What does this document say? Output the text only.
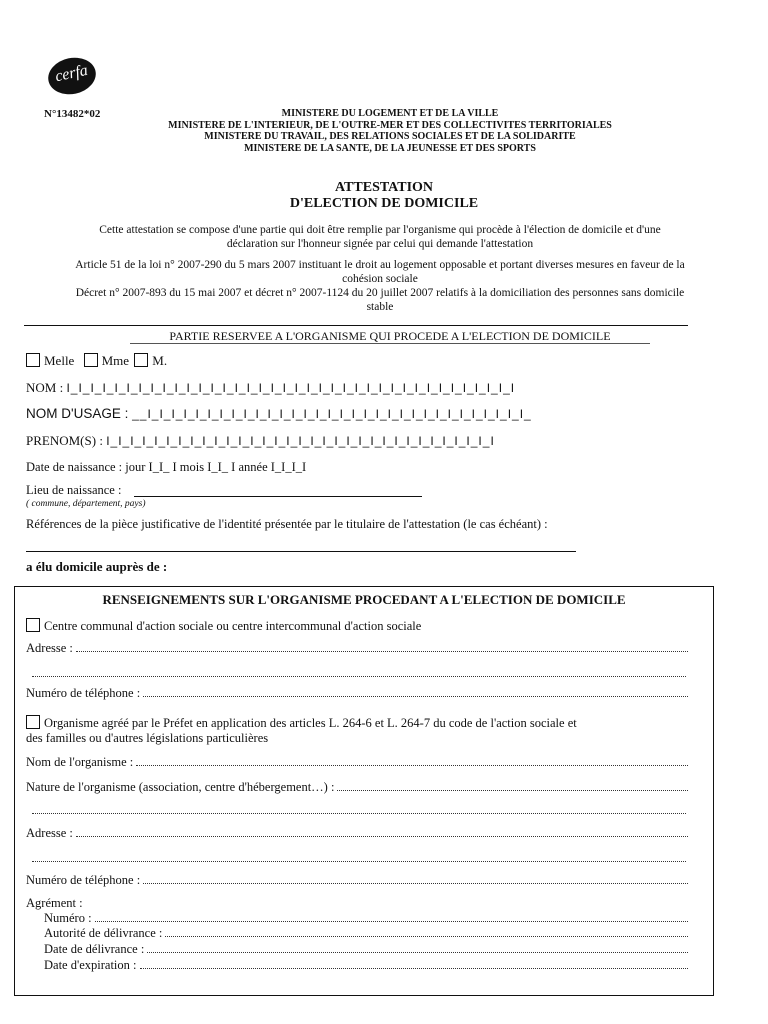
cerfa
N°13482*02	MINISTERE DU LOGEMENT ET DE LA VILLE
MINISTERE DE L'INTERIEUR, DE L'OUTRE-MER ET DES COLLECTIVITES TERRITORIALES
MINISTERE DU TRAVAIL, DES RELATIONS SOCIALES ET DE LA SOLIDARITE
MINISTERE DE LA SANTE, DE LA JEUNESSE ET DES SPORTS
ATTESTATION
D'ELECTION DE DOMICILE
Cette attestation se compose d'une partie qui doit être remplie par l'organisme qui procède à l'élection de domicile et d'une
déclaration sur l'honneur signée par celui qui demande l'attestation
Article 51 de la loi n° 2007-290 du 5 mars 2007 instituant le droit au logement opposable et portant diverses mesures en faveur de la
cohésion sociale
Décret n° 2007-893 du 15 mai 2007 et décret n° 2007-1124 du 20 juillet 2007 relatifs à la domiciliation des personnes sans domicile
stable
PARTIE RESERVEE A L'ORGANISME QUI PROCEDE A L'ELECTION DE DOMICILE
Melle Mme M.
NOM : I_I_I_I_I_I_I_I_I_I_I_I_I_I_I_I_I_I_I_I_I_I_I_I_I_I_I_I_I_I_I_I_I_I_I_I_I_I
NOM D'USAGE : __I_I_I_I_I_I_I_I_I_I_I_I_I_I_I_I_I_I_I_I_I_I_I_I_I_I_I_I_I_I_I_I_
PRENOM(S) : I_I_I_I_I_I_I_I_I_I_I_I_I_I_I_I_I_I_I_I_I_I_I_I_I_I_I_I_I_I_I_I_I
Date de naissance : jour I_I_ I mois I_I_ I année I_I_I_I
Lieu de naissance :
( commune, département, pays)
Références de la pièce justificative de l'identité présentée par le titulaire de l'attestation (le cas échéant) :
a élu domicile auprès de :
RENSEIGNEMENTS SUR L'ORGANISME PROCEDANT A L'ELECTION DE DOMICILE
Centre communal d'action sociale ou centre intercommunal d'action sociale
Adresse :
Numéro de téléphone :
Organisme agréé par le Préfet en application des articles L. 264-6 et L. 264-7 du code de l'action sociale et
des familles ou d'autres législations particulières
Nom de l'organisme :
Nature de l'organisme (association, centre d'hébergement…) :
Adresse :
Numéro de téléphone :
Agrément :
Numéro :
Autorité de délivrance :
Date de délivrance :
Date d'expiration :
